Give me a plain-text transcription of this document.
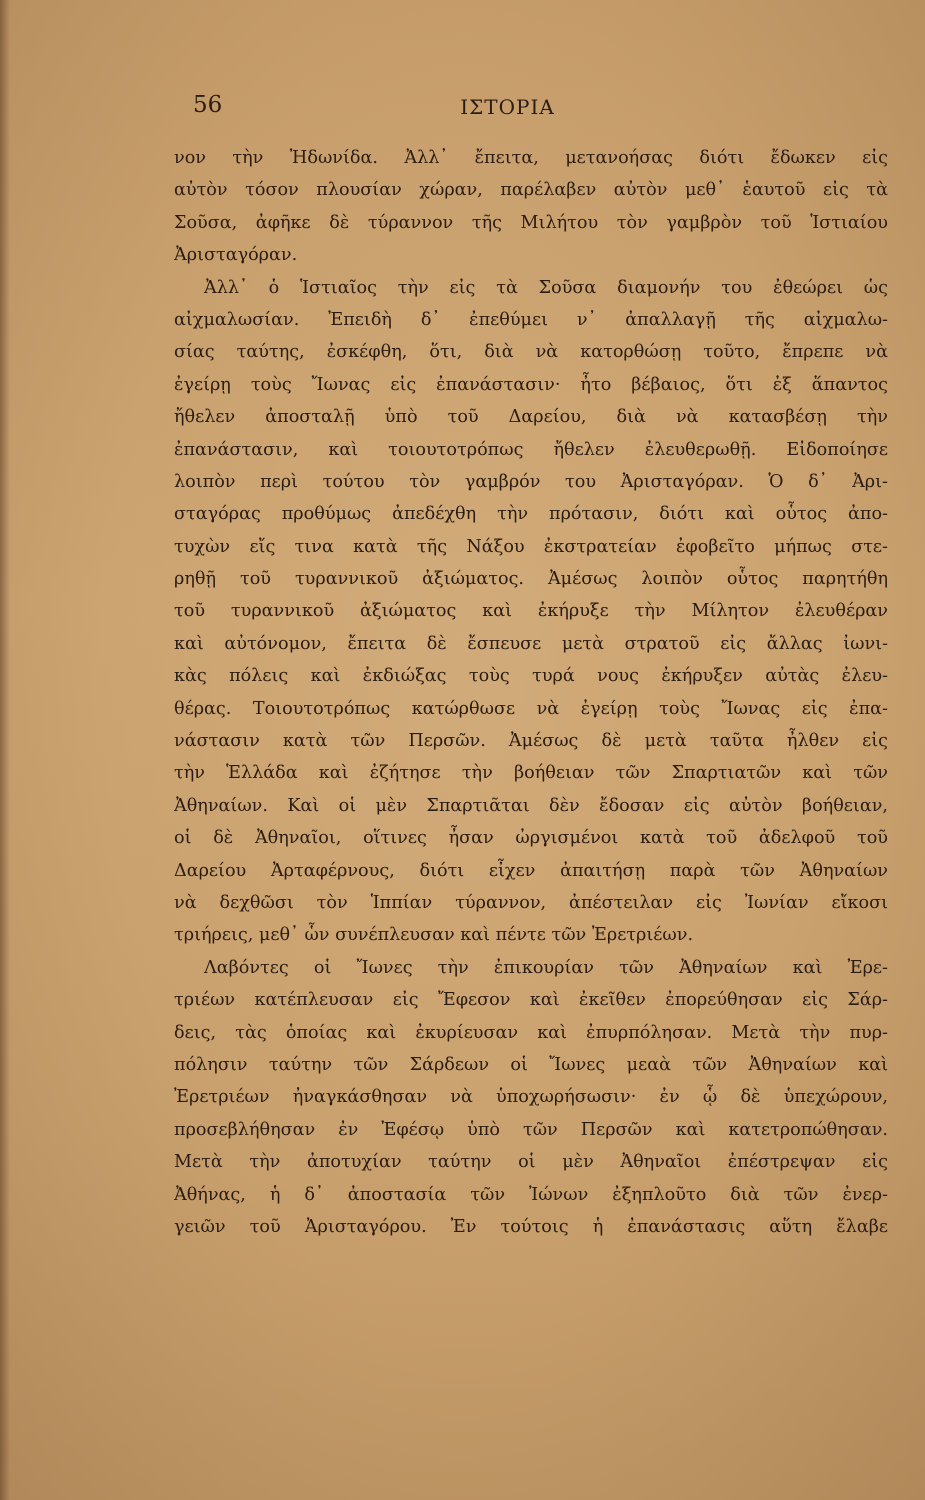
56	ΙΣΤΟΡΙΑ
νον τὴν Ἠδωνίδα. Ἀλλ᾽ ἔπειτα, μετανοήσας διότι ἔδωκεν εἰς
αὐτὸν τόσον πλουσίαν χώραν, παρέλαβεν αὐτὸν μεθ᾽ ἑαυτοῦ εἰς τὰ
Σοῦσα, ἀφῆκε δὲ τύραννον τῆς Μιλήτου τὸν γαμβρὸν τοῦ Ἱστιαίου
Ἀρισταγόραν.
Ἀλλ᾽ ὁ Ἱστιαῖος τὴν εἰς τὰ Σοῦσα διαμονήν του ἐθεώρει ὡς
αἰχμαλωσίαν. Ἐπειδὴ δ᾽ ἐπεθύμει ν᾽ ἀπαλλαγῇ τῆς αἰχμαλω-
σίας ταύτης, ἐσκέφθη, ὅτι, διὰ νὰ κατορθώσῃ τοῦτο, ἔπρεπε νὰ
ἐγείρῃ τοὺς Ἴωνας εἰς ἐπανάστασιν· ἦτο βέβαιος, ὅτι ἐξ ἅπαντος
ἤθελεν ἀποσταλῇ ὑπὸ τοῦ Δαρείου, διὰ νὰ κατασβέσῃ τὴν
ἐπανάστασιν, καὶ τοιουτοτρόπως ἤθελεν ἐλευθερωθῇ. Εἰδοποίησε
λοιπὸν περὶ τούτου τὸν γαμβρόν του Ἀρισταγόραν. Ὁ δ᾽ Ἀρι-
σταγόρας προθύμως ἀπεδέχθη τὴν πρότασιν, διότι καὶ οὗτος ἀπο-
τυχὼν εἴς τινα κατὰ τῆς Νάξου ἐκστρατείαν ἐφοβεῖτο μήπως στε-
ρηθῇ τοῦ τυραννικοῦ ἀξιώματος. Ἀμέσως λοιπὸν οὗτος παρητήθη
τοῦ τυραννικοῦ ἀξιώματος καὶ ἐκήρυξε τὴν Μίλητον ἐλευθέραν
καὶ αὐτόνομον, ἔπειτα δὲ ἔσπευσε μετὰ στρατοῦ εἰς ἄλλας ἰωνι-
κὰς πόλεις καὶ ἐκδιώξας τοὺς τυρά νους ἐκήρυξεν αὐτὰς ἐλευ-
θέρας. Τοιουτοτρόπως κατώρθωσε νὰ ἐγείρῃ τοὺς Ἴωνας εἰς ἐπα-
νάστασιν κατὰ τῶν Περσῶν. Ἀμέσως δὲ μετὰ ταῦτα ἦλθεν εἰς
τὴν Ἑλλάδα καὶ ἐζήτησε τὴν βοήθειαν τῶν Σπαρτιατῶν καὶ τῶν
Ἀθηναίων. Καὶ οἱ μὲν Σπαρτιᾶται δὲν ἔδοσαν εἰς αὐτὸν βοήθειαν,
οἱ δὲ Ἀθηναῖοι, οἵτινες ἦσαν ὠργισμένοι κατὰ τοῦ ἀδελφοῦ τοῦ
Δαρείου Ἀρταφέρνους, διότι εἶχεν ἀπαιτήσῃ παρὰ τῶν Ἀθηναίων
νὰ δεχθῶσι τὸν Ἱππίαν τύραννον, ἀπέστειλαν εἰς Ἰωνίαν εἴκοσι
τριήρεις, μεθ᾽ ὧν συνέπλευσαν καὶ πέντε τῶν Ἐρετριέων.
Λαβόντες οἱ Ἴωνες τὴν ἐπικουρίαν τῶν Ἀθηναίων καὶ Ἐρε-
τριέων κατέπλευσαν εἰς Ἔφεσον καὶ ἐκεῖθεν ἐπορεύθησαν εἰς Σάρ-
δεις, τὰς ὁποίας καὶ ἐκυρίευσαν καὶ ἐπυρπόλησαν. Μετὰ τὴν πυρ-
πόλησιν ταύτην τῶν Σάρδεων οἱ Ἴωνες μεαὰ τῶν Ἀθηναίων καὶ
Ἐρετριέων ἠναγκάσθησαν νὰ ὑποχωρήσωσιν· ἐν ᾧ δὲ ὑπεχώρουν,
προσεβλήθησαν ἐν Ἐφέσῳ ὑπὸ τῶν Περσῶν καὶ κατετροπώθησαν.
Μετὰ τὴν ἀποτυχίαν ταύτην οἱ μὲν Ἀθηναῖοι ἐπέστρεψαν εἰς
Ἀθήνας, ἡ δ᾽ ἀποστασία τῶν Ἰώνων ἐξηπλοῦτο διὰ τῶν ἐνερ-
γειῶν τοῦ Ἀρισταγόρου. Ἐν τούτοις ἡ ἐπανάστασις αὕτη ἔλαβε
